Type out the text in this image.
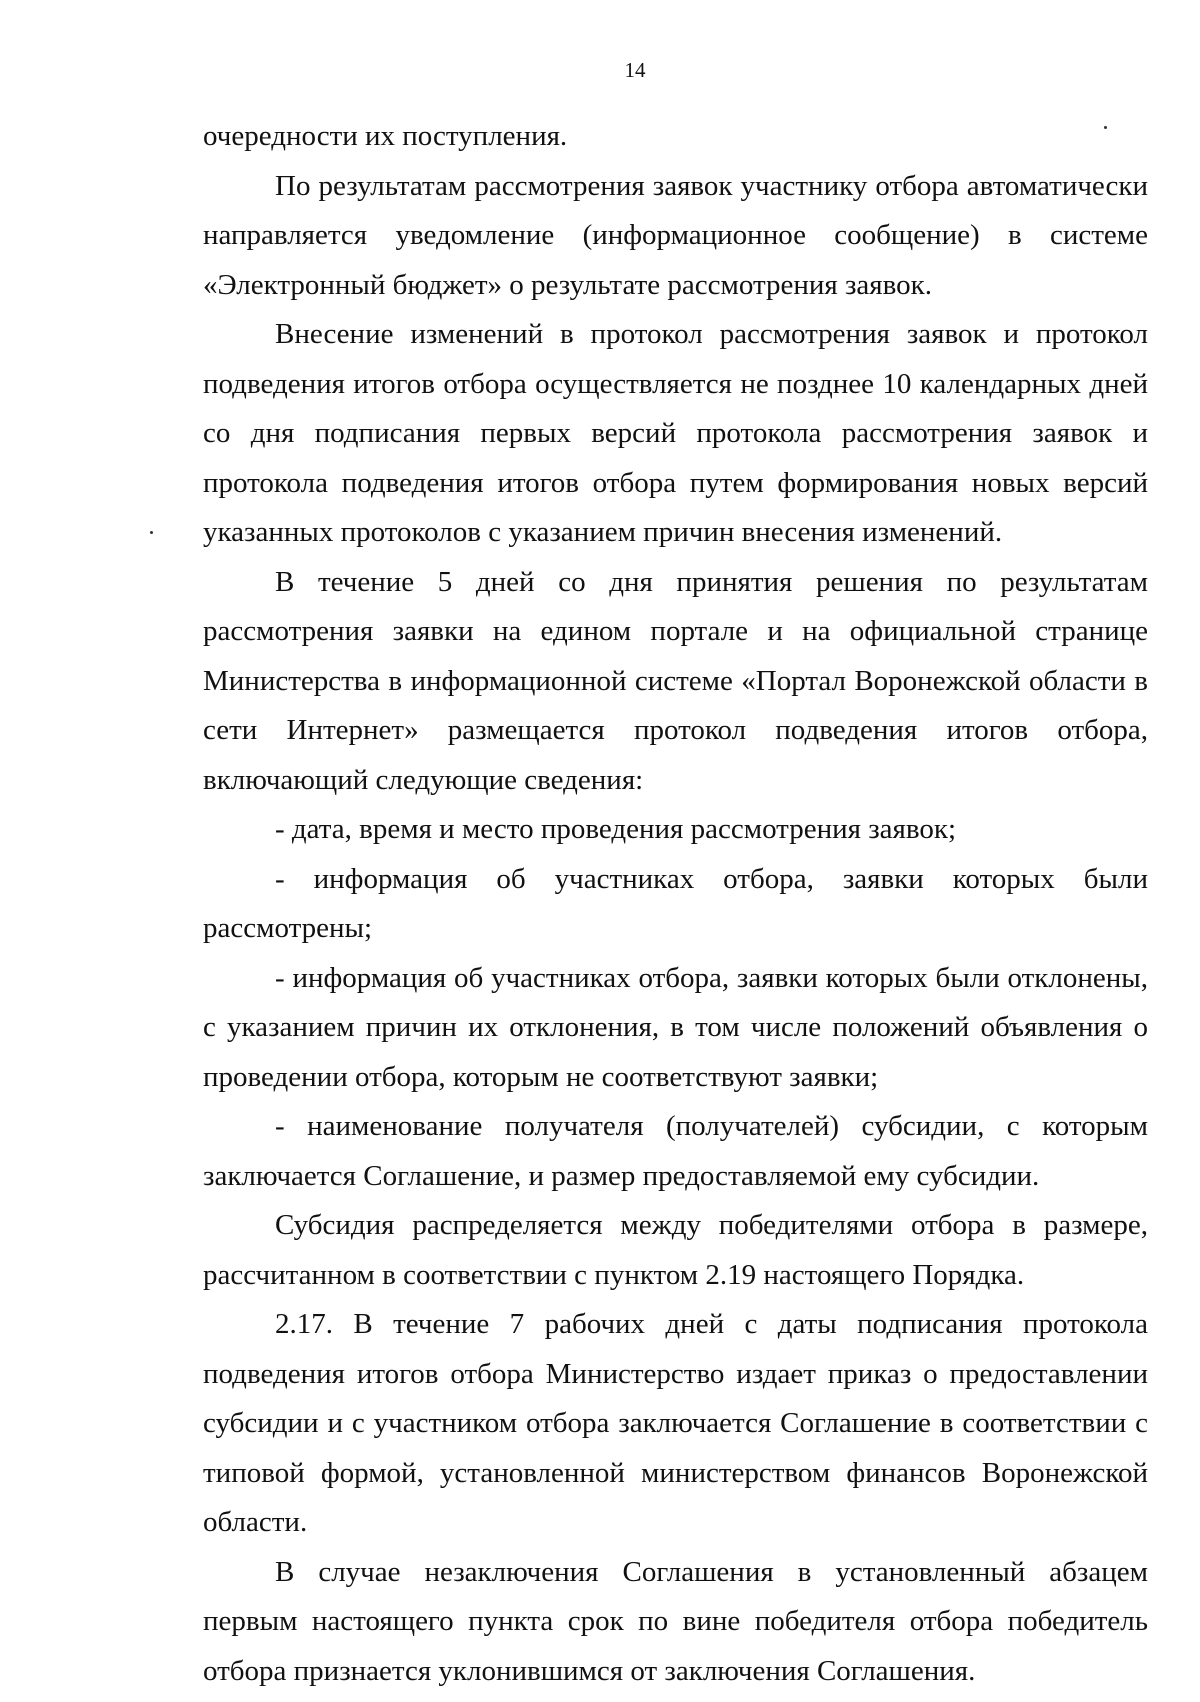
14

очередности их поступления.

По результатам рассмотрения заявок участнику отбора автоматически направляется уведомление (информационное сообщение) в системе «Электронный бюджет» о результате рассмотрения заявок.

Внесение изменений в протокол рассмотрения заявок и протокол подведения итогов отбора осуществляется не позднее 10 календарных дней со дня подписания первых версий протокола рассмотрения заявок и протокола подведения итогов отбора путем формирования новых версий указанных протоколов с указанием причин внесения изменений.

В течение 5 дней со дня принятия решения по результатам рассмотрения заявки на едином портале и на официальной странице Министерства в информационной системе «Портал Воронежской области в сети Интернет» размещается протокол подведения итогов отбора, включающий следующие сведения:

- дата, время и место проведения рассмотрения заявок;

- информация об участниках отбора, заявки которых были рассмотрены;

- информация об участниках отбора, заявки которых были отклонены, с указанием причин их отклонения, в том числе положений объявления о проведении отбора, которым не соответствуют заявки;

- наименование получателя (получателей) субсидии, с которым заключается Соглашение, и размер предоставляемой ему субсидии.

Субсидия распределяется между победителями отбора в размере, рассчитанном в соответствии с пунктом 2.19 настоящего Порядка.

2.17. В течение 7 рабочих дней с даты подписания протокола подведения итогов отбора Министерство издает приказ о предоставлении субсидии и с участником отбора заключается Соглашение в соответствии с типовой формой, установленной министерством финансов Воронежской области.

В случае незаключения Соглашения в установленный абзацем первым настоящего пункта срок по вине победителя отбора победитель отбора признается уклонившимся от заключения Соглашения.
